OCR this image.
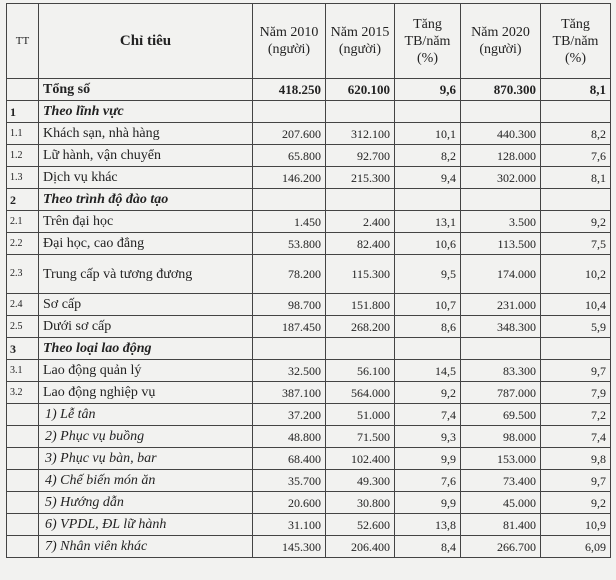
TT	Chỉ tiêu	Năm 2010 (người)	Năm 2015 (người)	Tăng TB/năm (%)	Năm 2020 (người)	Tăng TB/năm (%)
	Tổng số	418.250	620.100	9,6	870.300	8,1
1	Theo lĩnh vực					
1.1	Khách sạn, nhà hàng	207.600	312.100	10,1	440.300	8,2
1.2	Lữ hành, vận chuyển	65.800	92.700	8,2	128.000	7,6
1.3	Dịch vụ khác	146.200	215.300	9,4	302.000	8,1
2	Theo trình độ đào tạo					
2.1	Trên đại học	1.450	2.400	13,1	3.500	9,2
2.2	Đại học, cao đẳng	53.800	82.400	10,6	113.500	7,5
2.3	Trung cấp và tương đương	78.200	115.300	9,5	174.000	10,2
2.4	Sơ cấp	98.700	151.800	10,7	231.000	10,4
2.5	Dưới sơ cấp	187.450	268.200	8,6	348.300	5,9
3	Theo loại lao động					
3.1	Lao động quản lý	32.500	56.100	14,5	83.300	9,7
3.2	Lao động nghiệp vụ	387.100	564.000	9,2	787.000	7,9
	1) Lễ tân	37.200	51.000	7,4	69.500	7,2
	2) Phục vụ buồng	48.800	71.500	9,3	98.000	7,4
	3) Phục vụ bàn, bar	68.400	102.400	9,9	153.000	9,8
	4) Chế biến món ăn	35.700	49.300	7,6	73.400	9,7
	5) Hướng dẫn	20.600	30.800	9,9	45.000	9,2
	6) VPDL, ĐL lữ hành	31.100	52.600	13,8	81.400	10,9
	7) Nhân viên khác	145.300	206.400	8,4	266.700	6,09
